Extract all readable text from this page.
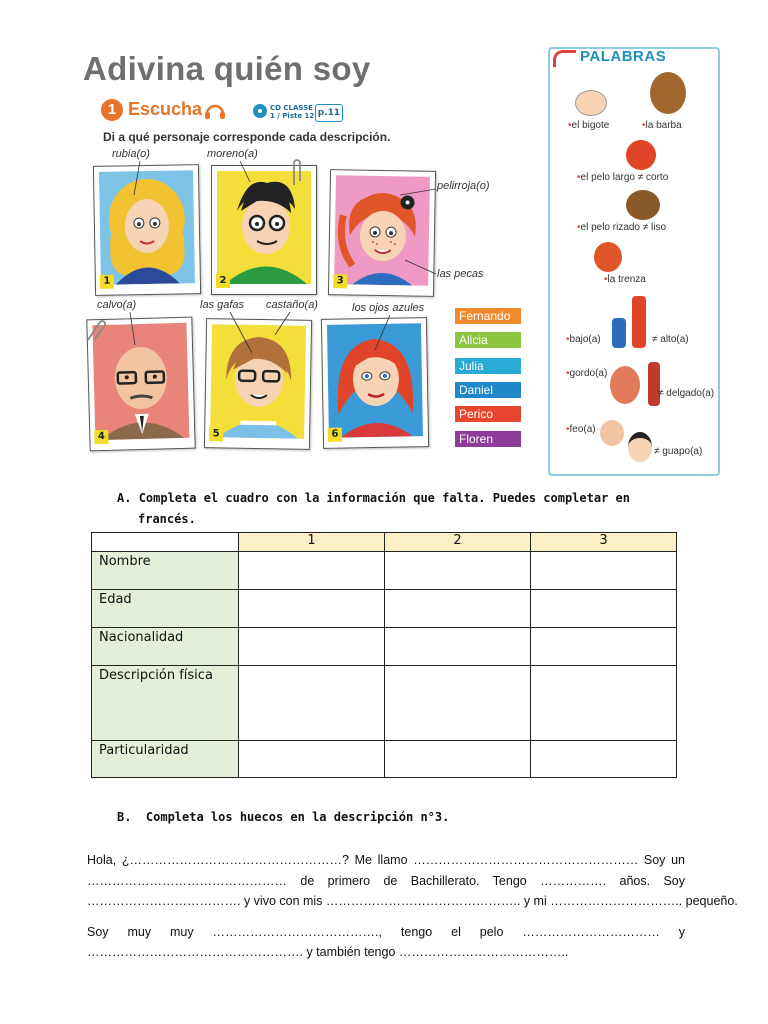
Adivina quién soy
1 Escucha	CD CLASSE
1 / Piste 12 p.11
Di a qué personaje corresponde cada descripción.
1	2	3
4	5	6
rubia(o)	moreno(a)
pelirroja(o)
las pecas
calvo(a)	las gafas castaño(a)	los ojos azules
Fernando
Alicia
Julia
Daniel
Perico
Floren
PALABRAS
•el bigote	•la barba
•el pelo largo ≠ corto
•el pelo rizado ≠ liso
•la trenza
•bajo(a)	≠ alto(a)
•gordo(a)
≠ delgado(a)
•feo(a)
≠ guapo(a)
A. Completa el cuadro con la información que falta. Puedes completar en
francés.
	1	2	3
Nombre			
Edad			
Nacionalidad			
Descripción física			
Particularidad			
B. Completa los huecos en la descripción n°3.
Hola, ¿……………………………………………? Me llamo ……………………………………………… Soy un
………………………………………… de primero de Bachillerato. Tengo ……………. años. Soy
………………………………. y vivo con mis ……………………………………….. y mi ………………………….. pequeño.
Soy muy muy …………………………………., tengo el pelo …………………………… y
……………………………………………. y también tengo …………………………………..
